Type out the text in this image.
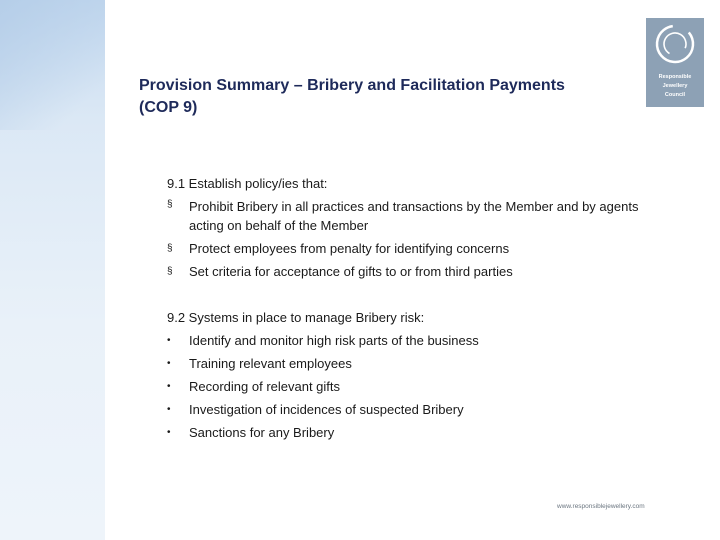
Provision Summary – Bribery and Facilitation Payments
(COP 9)
Responsible
Jewellery
Council
9.1 Establish policy/ies that:
§	Prohibit Bribery in all practices and transactions by the Member and by agents acting on behalf of the Member
§	Protect employees from penalty for identifying concerns
§	Set criteria for acceptance of gifts to or from third parties
9.2 Systems in place to manage Bribery risk:
•	Identify and monitor high risk parts of the business
•	Training relevant employees
•	Recording of relevant gifts
•	Investigation of incidences of suspected Bribery
•	Sanctions for any Bribery
www.responsiblejewellery.com
